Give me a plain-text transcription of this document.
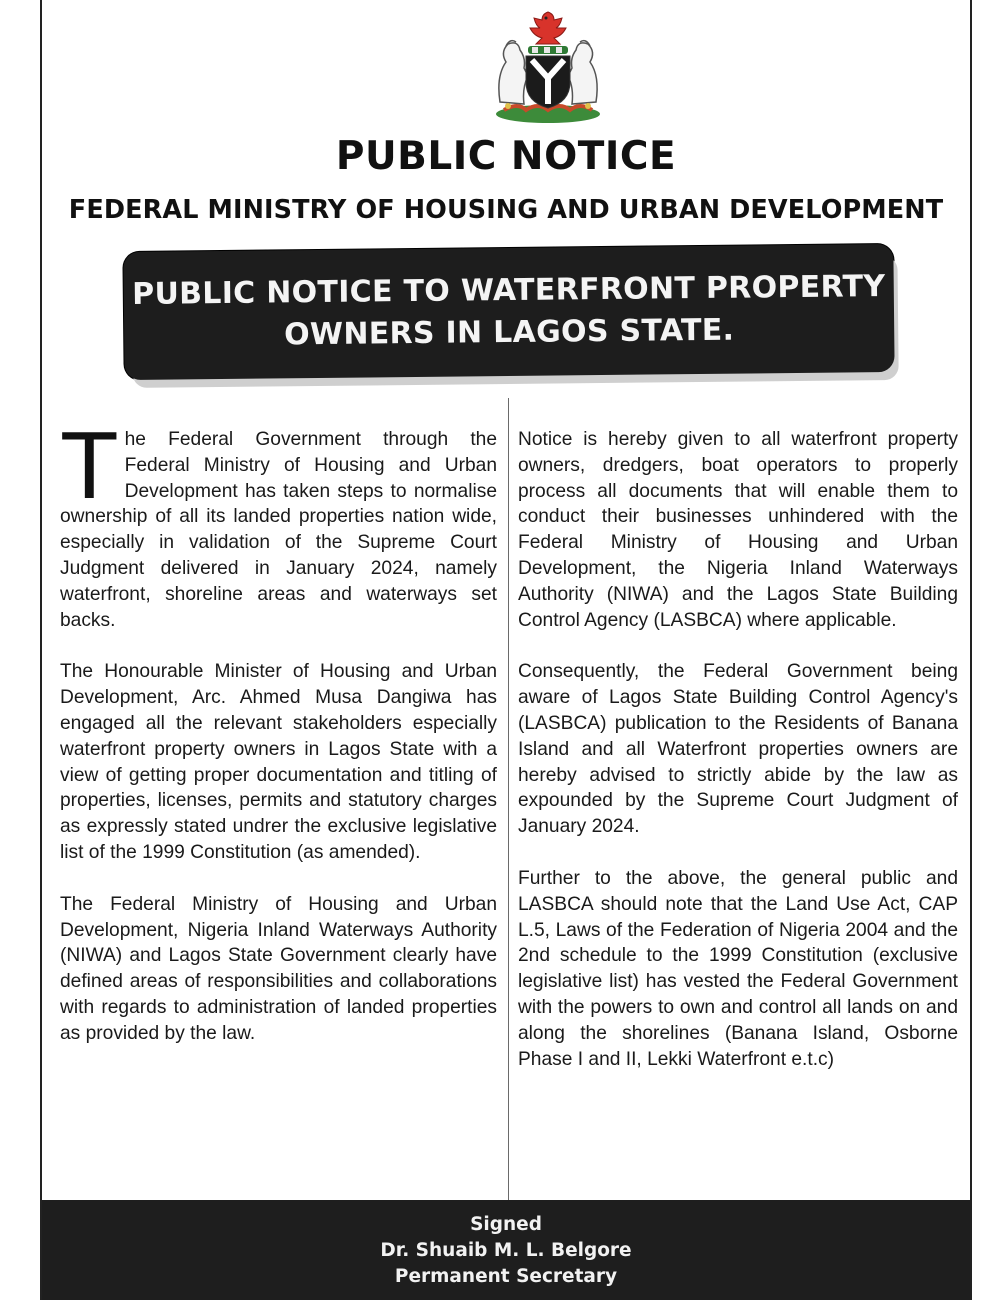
PUBLIC NOTICE
FEDERAL MINISTRY OF HOUSING AND URBAN DEVELOPMENT
PUBLIC NOTICE TO WATERFRONT PROPERTY
OWNERS IN LAGOS STATE.

The Federal Government through the Federal Ministry of Housing and Urban Development has taken steps to normalise ownership of all its landed properties nation wide, especially in validation of the Supreme Court Judgment delivered in January 2024, namely waterfront, shoreline areas and waterways set backs.

The Honourable Minister of Housing and Urban Development, Arc. Ahmed Musa Dangiwa has engaged all the relevant stakeholders especially waterfront property owners in Lagos State with a view of getting proper documentation and titling of properties, licenses, permits and statutory charges as expressly stated undrer the exclusive legislative list of the 1999 Constitution (as amended).

The Federal Ministry of Housing and Urban Development, Nigeria Inland Waterways Authority (NIWA) and Lagos State Government clearly have defined areas of responsibilities and collaborations with regards to administration of landed properties as provided by the law.

Notice is hereby given to all waterfront property owners, dredgers, boat operators to properly process all documents that will enable them to conduct their businesses unhindered with the Federal Ministry of Housing and Urban Development, the Nigeria Inland Waterways Authority (NIWA) and the Lagos State Building Control Agency (LASBCA) where applicable.

Consequently, the Federal Government being aware of Lagos State Building Control Agency's (LASBCA) publication to the Residents of Banana Island and all Waterfront properties owners are hereby advised to strictly abide by the law as expounded by the Supreme Court Judgment of January 2024.

Further to the above, the general public and LASBCA should note that the Land Use Act, CAP L.5, Laws of the Federation of Nigeria 2004 and the 2nd schedule to the 1999 Constitution (exclusive legislative list) has vested the Federal Government with the powers to own and control all lands on and along the shorelines (Banana Island, Osborne Phase I and II, Lekki Waterfront e.t.c)

Signed
Dr. Shuaib M. L. Belgore
Permanent Secretary
